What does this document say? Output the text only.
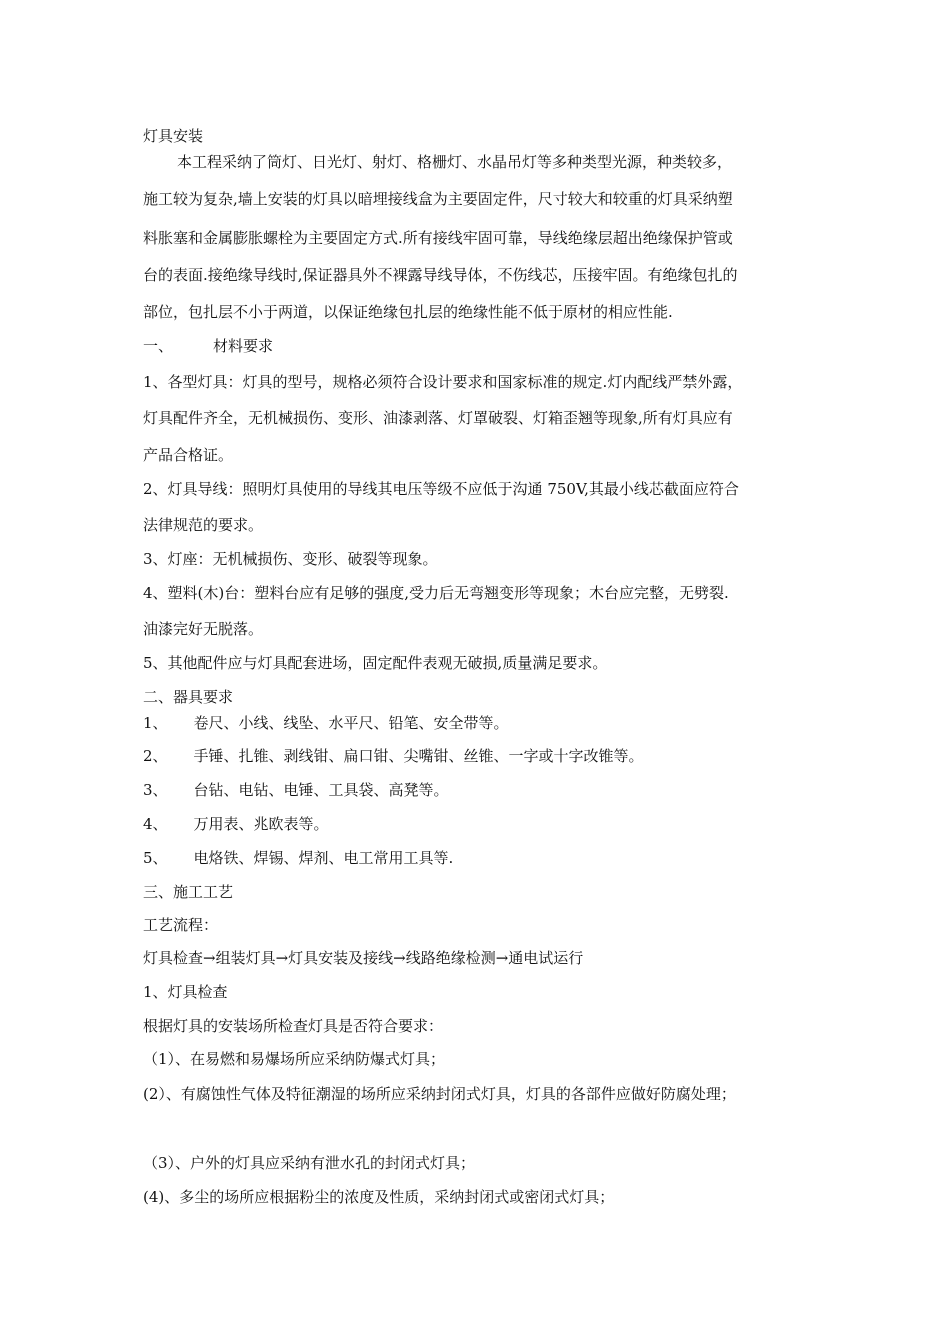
灯具安装
本工程采纳了筒灯、日光灯、射灯、格栅灯、水晶吊灯等多种类型光源，种类较多，
施工较为复杂,墙上安装的灯具以暗埋接线盒为主要固定件，尺寸较大和较重的灯具采纳塑
料胀塞和金属膨胀螺栓为主要固定方式.所有接线牢固可靠，导线绝缘层超出绝缘保护管或
台的表面.接绝缘导线时,保证器具外不裸露导线导体，不伤线芯，压接牢固。有绝缘包扎的
部位，包扎层不小于两道，以保证绝缘包扎层的绝缘性能不低于原材的相应性能.
一、	材料要求
1、各型灯具：灯具的型号，规格必须符合设计要求和国家标准的规定.灯内配线严禁外露，
灯具配件齐全，无机械损伤、变形、油漆剥落、灯罩破裂、灯箱歪翘等现象,所有灯具应有
产品合格证。
2、灯具导线：照明灯具使用的导线其电压等级不应低于沟通 750V,其最小线芯截面应符合
法律规范的要求。
3、灯座：无机械损伤、变形、破裂等现象。
4、塑料(木)台：塑料台应有足够的强度,受力后无弯翘变形等现象；木台应完整，无劈裂.
油漆完好无脱落。
5、其他配件应与灯具配套进场，固定配件表观无破损,质量满足要求。
二、器具要求
1、 卷尺、小线、线坠、水平尺、铅笔、安全带等。
2、 手锤、扎锥、剥线钳、扁口钳、尖嘴钳、丝锥、一字或十字改锥等。
3、 台钻、电钻、电锤、工具袋、高凳等。
4、 万用表、兆欧表等。
5、 电烙铁、焊锡、焊剂、电工常用工具等.
三、施工工艺
工艺流程：
灯具检查→组装灯具→灯具安装及接线→线路绝缘检测→通电试运行
1、灯具检查
根据灯具的安装场所检查灯具是否符合要求：
（1）、在易燃和易爆场所应采纳防爆式灯具；
(2）、有腐蚀性气体及特征潮湿的场所应采纳封闭式灯具，灯具的各部件应做好防腐处理；
（3）、户外的灯具应采纳有泄水孔的封闭式灯具；
(4)、多尘的场所应根据粉尘的浓度及性质，采纳封闭式或密闭式灯具；
